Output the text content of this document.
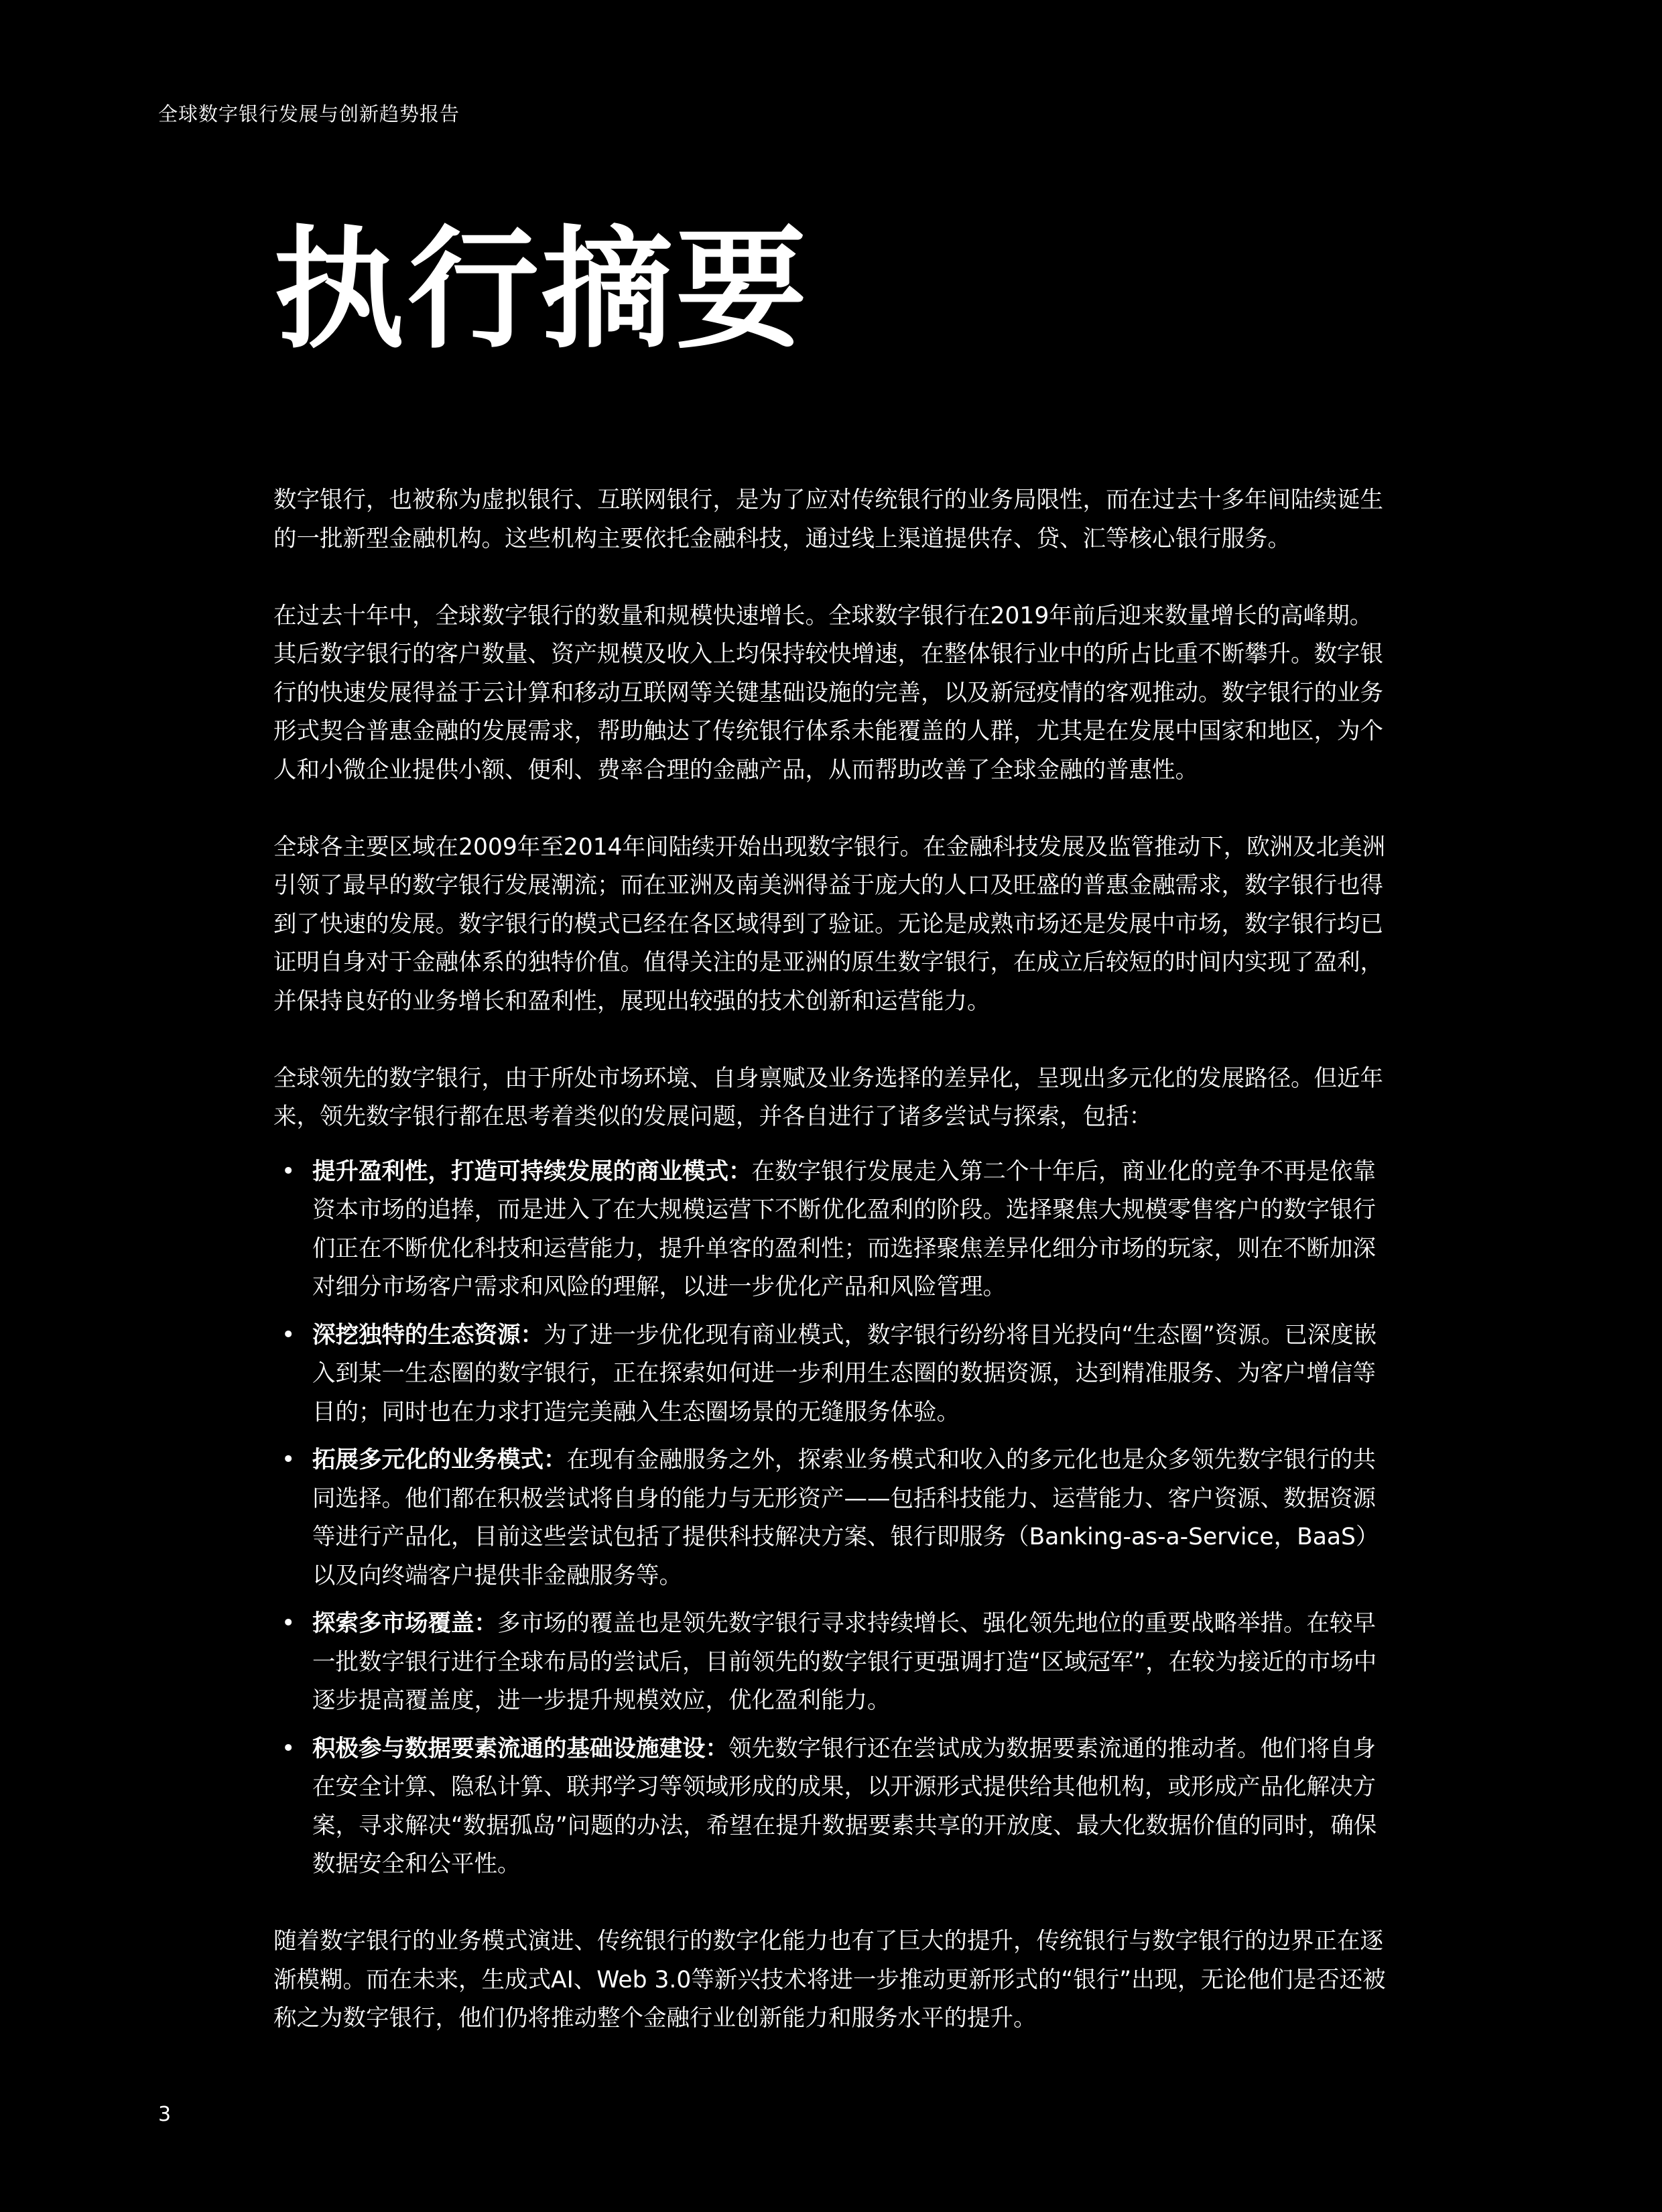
全球数字银行发展与创新趋势报告
执行摘要

数字银行，也被称为虚拟银行、互联网银行，是为了应对传统银行的业务局限性，而在过去十多年间陆续诞生的一批新型金融机构。这些机构主要依托金融科技，通过线上渠道提供存、贷、汇等核心银行服务。

在过去十年中，全球数字银行的数量和规模快速增长。全球数字银行在2019年前后迎来数量增长的高峰期。其后数字银行的客户数量、资产规模及收入上均保持较快增速，在整体银行业中的所占比重不断攀升。数字银行的快速发展得益于云计算和移动互联网等关键基础设施的完善，以及新冠疫情的客观推动。数字银行的业务形式契合普惠金融的发展需求，帮助触达了传统银行体系未能覆盖的人群，尤其是在发展中国家和地区，为个人和小微企业提供小额、便利、费率合理的金融产品，从而帮助改善了全球金融的普惠性。

全球各主要区域在2009年至2014年间陆续开始出现数字银行。在金融科技发展及监管推动下，欧洲及北美洲引领了最早的数字银行发展潮流；而在亚洲及南美洲得益于庞大的人口及旺盛的普惠金融需求，数字银行也得到了快速的发展。数字银行的模式已经在各区域得到了验证。无论是成熟市场还是发展中市场，数字银行均已证明自身对于金融体系的独特价值。值得关注的是亚洲的原生数字银行，在成立后较短的时间内实现了盈利，并保持良好的业务增长和盈利性，展现出较强的技术创新和运营能力。

全球领先的数字银行，由于所处市场环境、自身禀赋及业务选择的差异化，呈现出多元化的发展路径。但近年来，领先数字银行都在思考着类似的发展问题，并各自进行了诸多尝试与探索，包括：

• 提升盈利性，打造可持续发展的商业模式：在数字银行发展走入第二个十年后，商业化的竞争不再是依靠资本市场的追捧，而是进入了在大规模运营下不断优化盈利的阶段。选择聚焦大规模零售客户的数字银行们正在不断优化科技和运营能力，提升单客的盈利性；而选择聚焦差异化细分市场的玩家，则在不断加深对细分市场客户需求和风险的理解，以进一步优化产品和风险管理。
• 深挖独特的生态资源：为了进一步优化现有商业模式，数字银行纷纷将目光投向“生态圈”资源。已深度嵌入到某一生态圈的数字银行，正在探索如何进一步利用生态圈的数据资源，达到精准服务、为客户增信等目的；同时也在力求打造完美融入生态圈场景的无缝服务体验。
• 拓展多元化的业务模式：在现有金融服务之外，探索业务模式和收入的多元化也是众多领先数字银行的共同选择。他们都在积极尝试将自身的能力与无形资产——包括科技能力、运营能力、客户资源、数据资源等进行产品化，目前这些尝试包括了提供科技解决方案、银行即服务（Banking-as-a-Service，BaaS）以及向终端客户提供非金融服务等。
• 探索多市场覆盖：多市场的覆盖也是领先数字银行寻求持续增长、强化领先地位的重要战略举措。在较早一批数字银行进行全球布局的尝试后，目前领先的数字银行更强调打造“区域冠军”，在较为接近的市场中逐步提高覆盖度，进一步提升规模效应，优化盈利能力。
• 积极参与数据要素流通的基础设施建设：领先数字银行还在尝试成为数据要素流通的推动者。他们将自身在安全计算、隐私计算、联邦学习等领域形成的成果，以开源形式提供给其他机构，或形成产品化解决方案，寻求解决“数据孤岛”问题的办法，希望在提升数据要素共享的开放度、最大化数据价值的同时，确保数据安全和公平性。

随着数字银行的业务模式演进、传统银行的数字化能力也有了巨大的提升，传统银行与数字银行的边界正在逐渐模糊。而在未来，生成式AI、Web 3.0等新兴技术将进一步推动更新形式的“银行”出现，无论他们是否还被称之为数字银行，他们仍将推动整个金融行业创新能力和服务水平的提升。

3
